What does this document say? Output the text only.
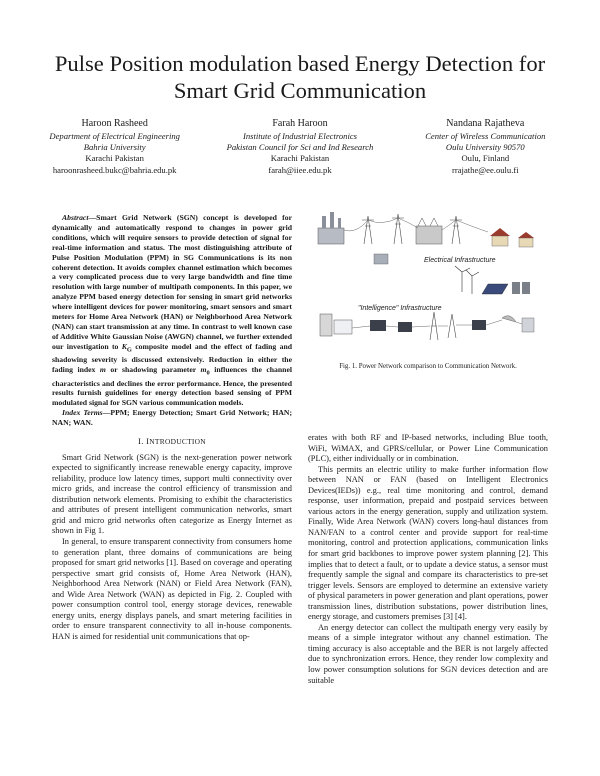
Pulse Position modulation based Energy Detection for Smart Grid Communication
Haroon Rasheed
Department of Electrical Engineering
Bahria University
Karachi Pakistan
haroonrasheed.bukc@bahria.edu.pk
Farah Haroon
Institute of Industrial Electronics
Pakistan Council for Sci and Ind Research
Karachi Pakistan
farah@iiee.edu.pk
Nandana Rajatheva
Center of Wireless Communication
Oulu University 90570
Oulu, Finland
rrajathe@ee.oulu.fi

Abstract—Smart Grid Network (SGN) concept is developed for dynamically and automatically respond to changes in power grid conditions, which will require sensors to provide detection of signal for real-time information and status. The most distinguishing attribute of Pulse Position Modulation (PPM) in SG Communications is its non coherent detection. It avoids complex channel estimation which becomes a very complicated process due to very large bandwidth and fine time resolution with large number of multipath components. In this paper, we analyze PPM based energy detection for sensing in smart grid networks where intelligent devices for power monitoring, smart sensors and smart meters for Home Area Network (HAN) or Neighborhood Area Network (NAN) can start transmission at any time. In contrast to well known case of Additive White Gaussian Noise (AWGN) channel, we further extended our investigation to $K_G$ composite model and the effect of fading and shadowing severity is discussed extensively. Reduction in either the fading index m or shadowing parameter $m_0$ influences the channel characteristics and declines the error performance. Hence, the presented results furnish guidelines for energy detection based sensing of PPM modulated signal for SGN various communication models.

Index Terms—PPM; Energy Detection; Smart Grid Network; HAN; NAN; WAN.

I. INTRODUCTION

Smart Grid Network (SGN) is the next-generation power network expected to significantly increase renewable energy capacity, improve reliability, produce low latency times, support multi connectivity over micro grids, and increase the control efficiency of transmission and distribution network elements. Promising to exhibit the characteristics and attributes of present intelligent communication networks, smart grid and micro grid networks often categorize as Energy Internet as shown in Fig 1.

In general, to ensure transparent connectivity from consumers home to generation plant, three domains of communications are being proposed for smart grid networks [1]. Based on coverage and operating perspective smart grid consists of, Home Area Network (HAN), Neighborhood Area Network (NAN) or Field Area Network (FAN), and Wide Area Network (WAN) as depicted in Fig. 2. Coupled with power consumption control tool, energy storage devices, renewable energy units, energy displays panels, and smart metering facilities in order to ensure transparent connectivity to all in-house components. HAN is aimed for residential unit communications that op-

Electrical Infrastructure
"Intelligence" Infrastructure
Fig. 1. Power Network comparison to Communication Network.

erates with both RF and IP-based networks, including Blue tooth, WiFi, WiMAX, and GPRS/cellular, or Power Line Communication (PLC), either individually or in combination.

This permits an electric utility to make further information flow between NAN or FAN (based on Intelligent Electronics Devices(IEDs)) e.g., real time monitoring and control, demand response, user information, prepaid and postpaid services between various actors in the energy generation, supply and utilization system. Finally, Wide Area Network (WAN) covers long-haul distances from NAN/FAN to a control center and provide support for real-time monitoring, control and protection applications, communication links for smart grid backbones to improve power system planning [2]. This implies that to detect a fault, or to update a device status, a sensor must frequently sample the signal and compare its characteristics to pre-set trigger levels. Sensors are employed to determine an extensive variety of physical parameters in power generation and plant operations, power transmission lines, distribution substations, power distribution lines, energy storage, and customers premises [3] [4].

An energy detector can collect the multipath energy very easily by means of a simple integrator without any channel estimation. The timing accuracy is also acceptable and the BER is not largely affected due to synchronization errors. Hence, they render low complexity and low power consumption solutions for SGN devices detection and are suitable
